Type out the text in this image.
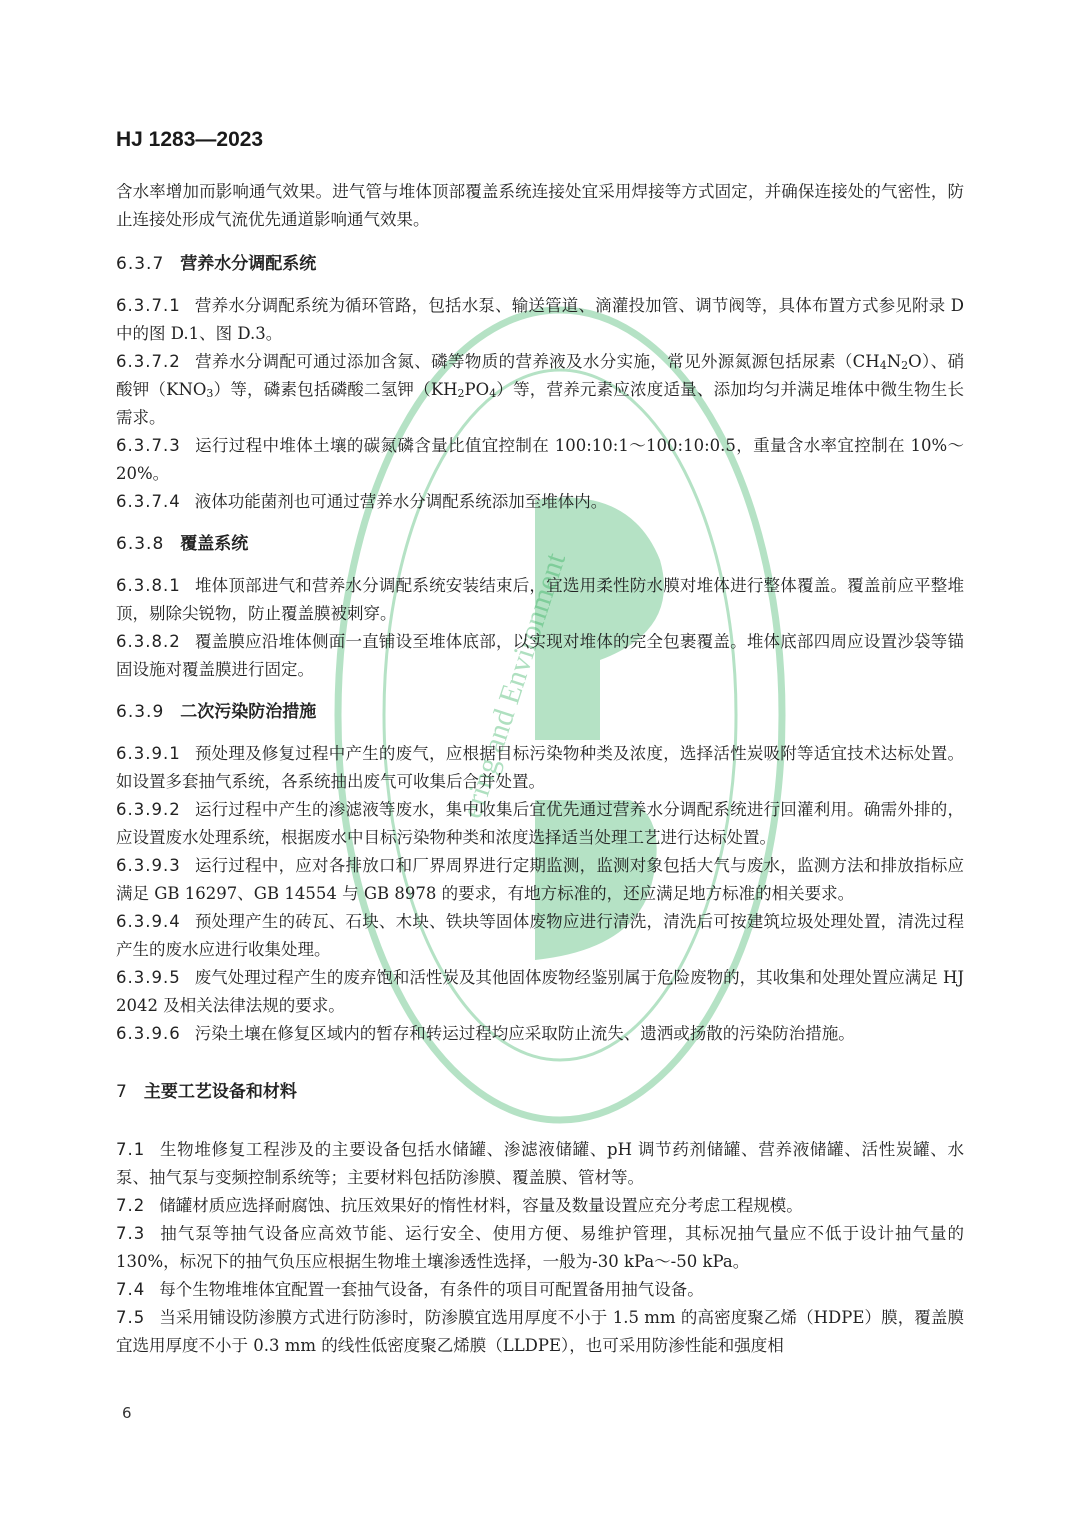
ering and Environment
HJ 1283—2023

含水率增加而影响通气效果。进气管与堆体顶部覆盖系统连接处宜采用焊接等方式固定，并确保连接处的气密性，防止连接处形成气流优先通道影响通气效果。

6.3.7 营养水分调配系统

6.3.7.1 营养水分调配系统为循环管路，包括水泵、输送管道、滴灌投加管、调节阀等，具体布置方式参见附录 D 中的图 D.1、图 D.3。

6.3.7.2 营养水分调配可通过添加含氮、磷等物质的营养液及水分实施，常见外源氮源包括尿素$(CH_4N_2O)$、硝酸钾$(KNO_3)$等，磷素包括磷酸二氢钾$(KH_2PO_4)$等，营养元素应浓度适量、添加均匀并满足堆体中微生物生长需求。

6.3.7.3 运行过程中堆体土壤的碳氮磷含量比值宜控制在 100:10:1～100:10:0.5，重量含水率宜控制在 10%～20%。

6.3.7.4 液体功能菌剂也可通过营养水分调配系统添加至堆体内。

6.3.8 覆盖系统

6.3.8.1 堆体顶部进气和营养水分调配系统安装结束后，宜选用柔性防水膜对堆体进行整体覆盖。覆盖前应平整堆顶，剔除尖锐物，防止覆盖膜被刺穿。

6.3.8.2 覆盖膜应沿堆体侧面一直铺设至堆体底部，以实现对堆体的完全包裹覆盖。堆体底部四周应设置沙袋等锚固设施对覆盖膜进行固定。

6.3.9 二次污染防治措施

6.3.9.1 预处理及修复过程中产生的废气，应根据目标污染物种类及浓度，选择活性炭吸附等适宜技术达标处置。如设置多套抽气系统，各系统抽出废气可收集后合并处置。

6.3.9.2 运行过程中产生的渗滤液等废水，集中收集后宜优先通过营养水分调配系统进行回灌利用。确需外排的，应设置废水处理系统，根据废水中目标污染物种类和浓度选择适当处理工艺进行达标处置。

6.3.9.3 运行过程中，应对各排放口和厂界周界进行定期监测，监测对象包括大气与废水，监测方法和排放指标应满足 GB 16297、GB 14554 与 GB 8978 的要求，有地方标准的，还应满足地方标准的相关要求。

6.3.9.4 预处理产生的砖瓦、石块、木块、铁块等固体废物应进行清洗，清洗后可按建筑垃圾处理处置，清洗过程产生的废水应进行收集处理。

6.3.9.5 废气处理过程产生的废弃饱和活性炭及其他固体废物经鉴别属于危险废物的，其收集和处理处置应满足 HJ 2042 及相关法律法规的要求。

6.3.9.6 污染土壤在修复区域内的暂存和转运过程均应采取防止流失、遗洒或扬散的污染防治措施。

7 主要工艺设备和材料

7.1 生物堆修复工程涉及的主要设备包括水储罐、渗滤液储罐、pH 调节药剂储罐、营养液储罐、活性炭罐、水泵、抽气泵与变频控制系统等；主要材料包括防渗膜、覆盖膜、管材等。

7.2 储罐材质应选择耐腐蚀、抗压效果好的惰性材料，容量及数量设置应充分考虑工程规模。

7.3 抽气泵等抽气设备应高效节能、运行安全、使用方便、易维护管理，其标况抽气量应不低于设计抽气量的 130%，标况下的抽气负压应根据生物堆土壤渗透性选择，一般为-30 kPa～-50 kPa。

7.4 每个生物堆堆体宜配置一套抽气设备，有条件的项目可配置备用抽气设备。

7.5 当采用铺设防渗膜方式进行防渗时，防渗膜宜选用厚度不小于 1.5 mm 的高密度聚乙烯（HDPE）膜，覆盖膜宜选用厚度不小于 0.3 mm 的线性低密度聚乙烯膜（LLDPE），也可采用防渗性能和强度相

6
